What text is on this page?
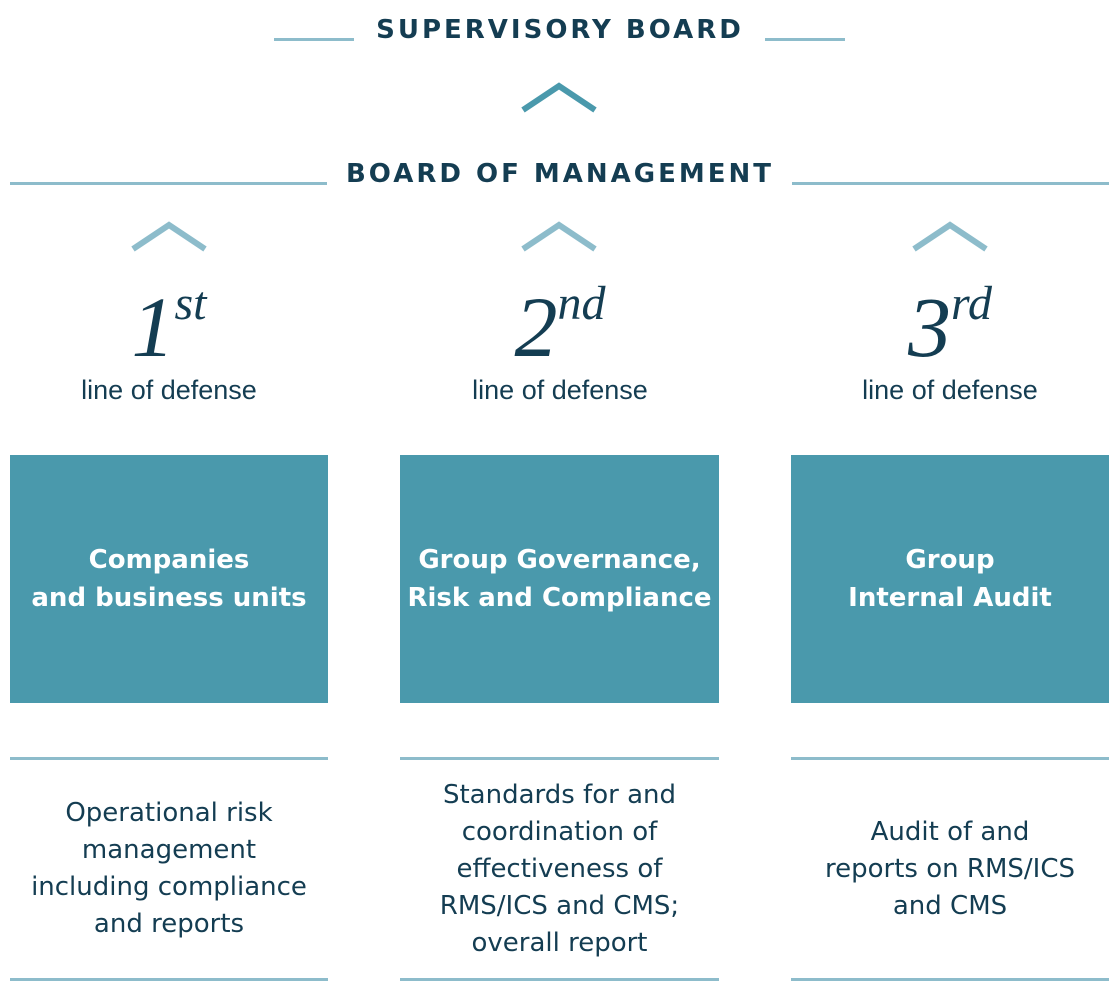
SUPERVISORY BOARD
BOARD OF MANAGEMENT
1st
line of defense
Companies
and business units
Operational risk
management
including compliance
and reports
2nd
line of defense
Group Governance,
Risk and Compliance
Standards for and
coordination of
effectiveness of
RMS/ICS and CMS;
overall report
3rd
line of defense
Group
Internal Audit
Audit of and
reports on RMS/ICS
and CMS
